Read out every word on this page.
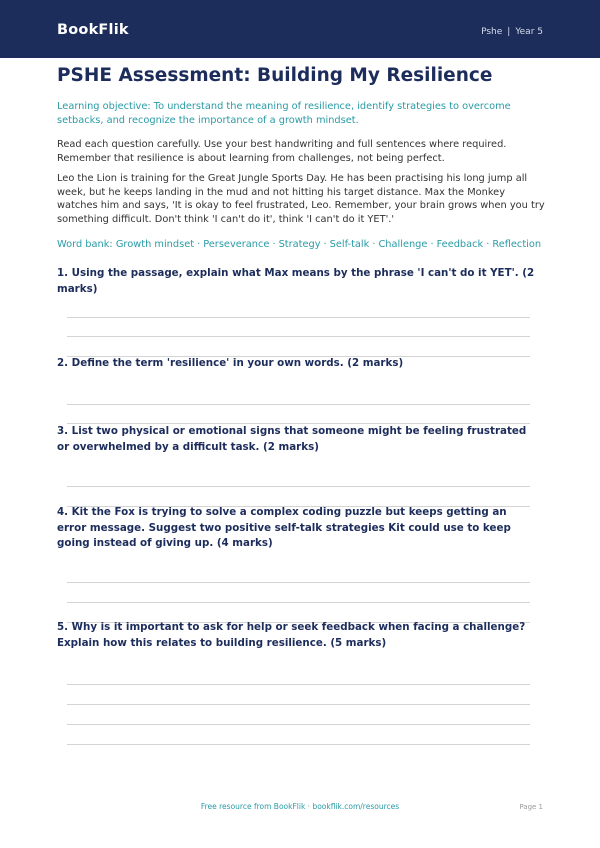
BookFlik	Pshe | Year 5
PSHE Assessment: Building My Resilience

Learning objective: To understand the meaning of resilience, identify strategies to overcome setbacks, and recognize the importance of a growth mindset.

Read each question carefully. Use your best handwriting and full sentences where required. Remember that resilience is about learning from challenges, not being perfect.

Leo the Lion is training for the Great Jungle Sports Day. He has been practising his long jump all week, but he keeps landing in the mud and not hitting his target distance. Max the Monkey watches him and says, 'It is okay to feel frustrated, Leo. Remember, your brain grows when you try something difficult. Don't think 'I can't do it', think 'I can't do it YET'.'

Word bank: Growth mindset · Perseverance · Strategy · Self-talk · Challenge · Feedback · Reflection

1. Using the passage, explain what Max means by the phrase 'I can't do it YET'. (2 marks)

2. Define the term 'resilience' in your own words. (2 marks)

3. List two physical or emotional signs that someone might be feeling frustrated or overwhelmed by a difficult task. (2 marks)

4. Kit the Fox is trying to solve a complex coding puzzle but keeps getting an error message. Suggest two positive self-talk strategies Kit could use to keep going instead of giving up. (4 marks)

5. Why is it important to ask for help or seek feedback when facing a challenge? Explain how this relates to building resilience. (5 marks)

Free resource from BookFlik · bookflik.com/resources	Page 1
